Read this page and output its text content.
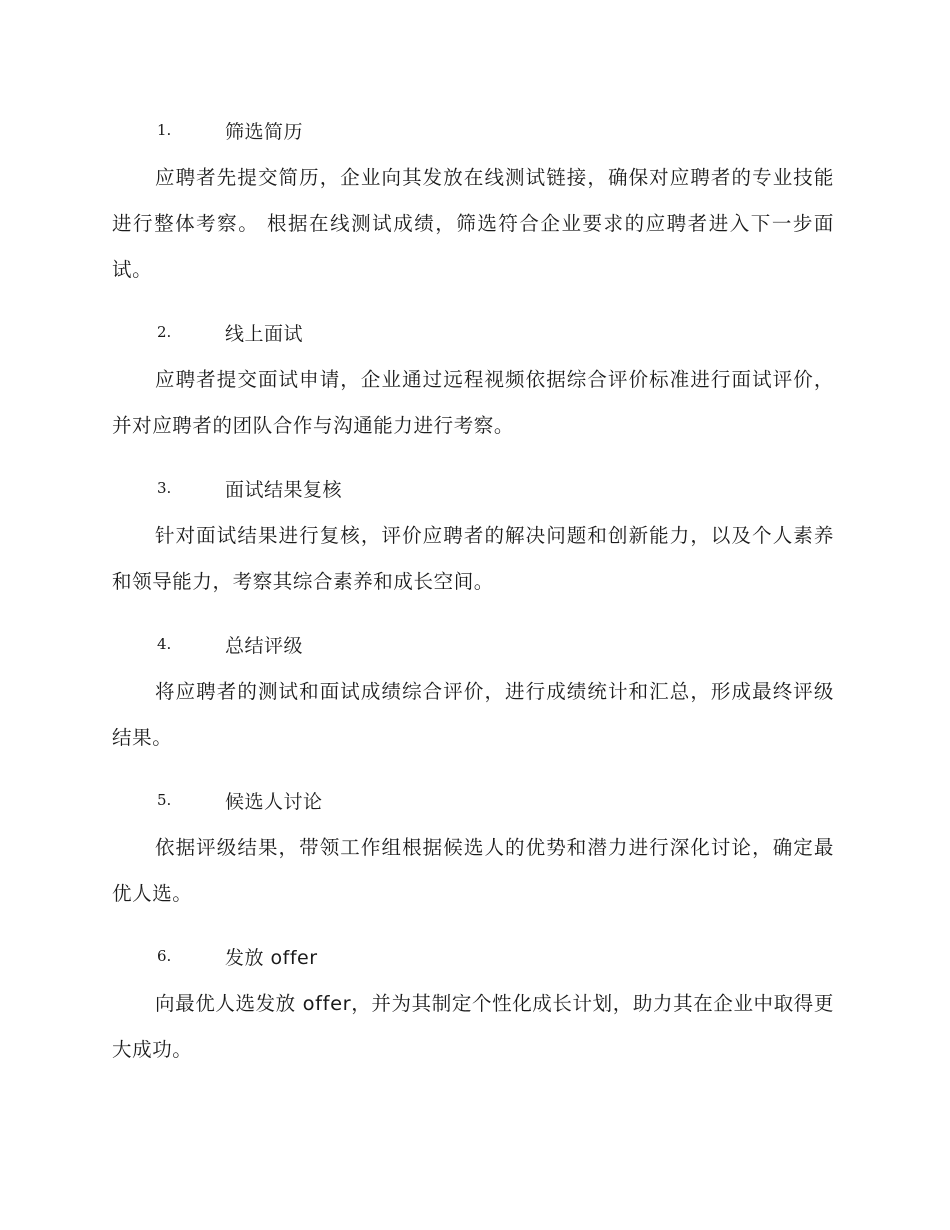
1.	筛选简历

应聘者先提交简历，企业向其发放在线测试链接，确保对应聘者的专业技能进行整体考察。 根据在线测试成绩，筛选符合企业要求的应聘者进入下一步面试。

2.	线上面试

应聘者提交面试申请，企业通过远程视频依据综合评价标准进行面试评价，并对应聘者的团队合作与沟通能力进行考察。

3.	面试结果复核

针对面试结果进行复核，评价应聘者的解决问题和创新能力，以及个人素养和领导能力，考察其综合素养和成长空间。

4.	总结评级

将应聘者的测试和面试成绩综合评价，进行成绩统计和汇总，形成最终评级结果。

5.	候选人讨论

依据评级结果，带领工作组根据候选人的优势和潜力进行深化讨论，确定最优人选。

6.	发放 offer

向最优人选发放 offer，并为其制定个性化成长计划，助力其在企业中取得更大成功。
